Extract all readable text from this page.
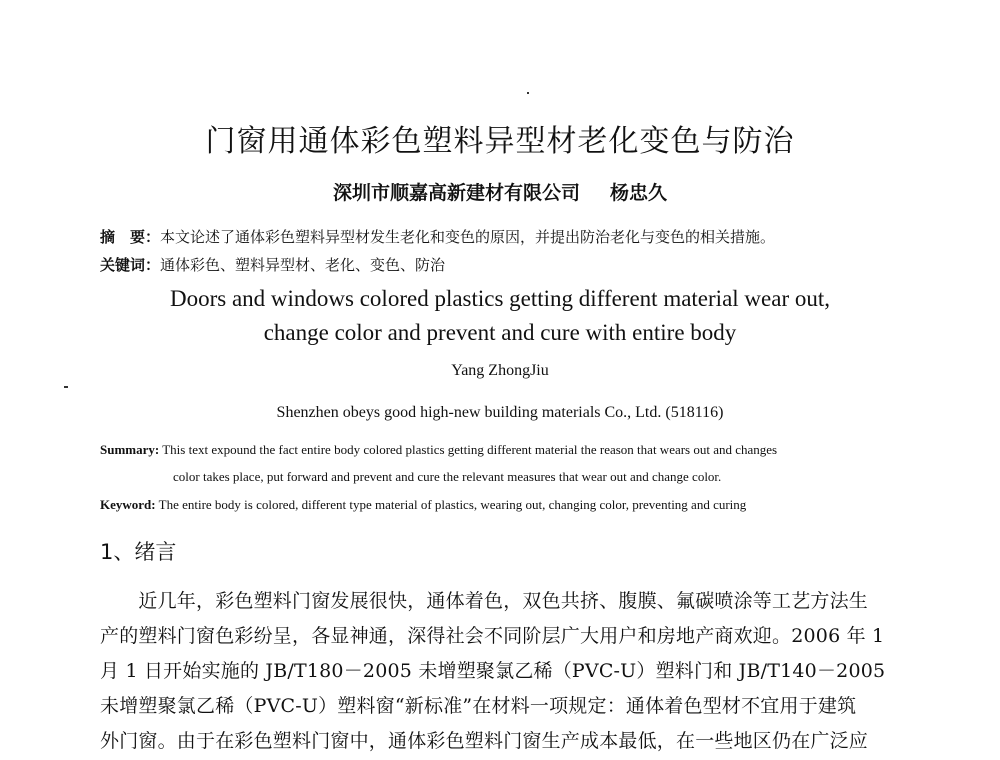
门窗用通体彩色塑料异型材老化变色与防治
深圳市顺嘉高新建材有限公司 杨忠久
摘　要：本文论述了通体彩色塑料异型材发生老化和变色的原因，并提出防治老化与变色的相关措施。
关键词：通体彩色、塑料异型材、老化、变色、防治
Doors and windows colored plastics getting different material wear out,
change color and prevent and cure with entire body
Yang ZhongJiu
Shenzhen obeys good high-new building materials Co., Ltd. (518116)
Summary: This text expound the fact entire body colored plastics getting different material the reason that wears out and changes
color takes place, put forward and prevent and cure the relevant measures that wear out and change color.
Keyword: The entire body is colored, different type material of plastics, wearing out, changing color, preventing and curing
1、绪言
　　近几年，彩色塑料门窗发展很快，通体着色，双色共挤、腹膜、氟碳喷涂等工艺方法生
产的塑料门窗色彩纷呈，各显神通，深得社会不同阶层广大用户和房地产商欢迎。2006 年 1
月 1 日开始实施的 JB/T180－2005 未增塑聚氯乙稀（PVC-U）塑料门和 JB/T140－2005
未增塑聚氯乙稀（PVC-U）塑料窗“新标准”在材料一项规定：通体着色型材不宜用于建筑
外门窗。由于在彩色塑料门窗中，通体彩色塑料门窗生产成本最低，在一些地区仍在广泛应
